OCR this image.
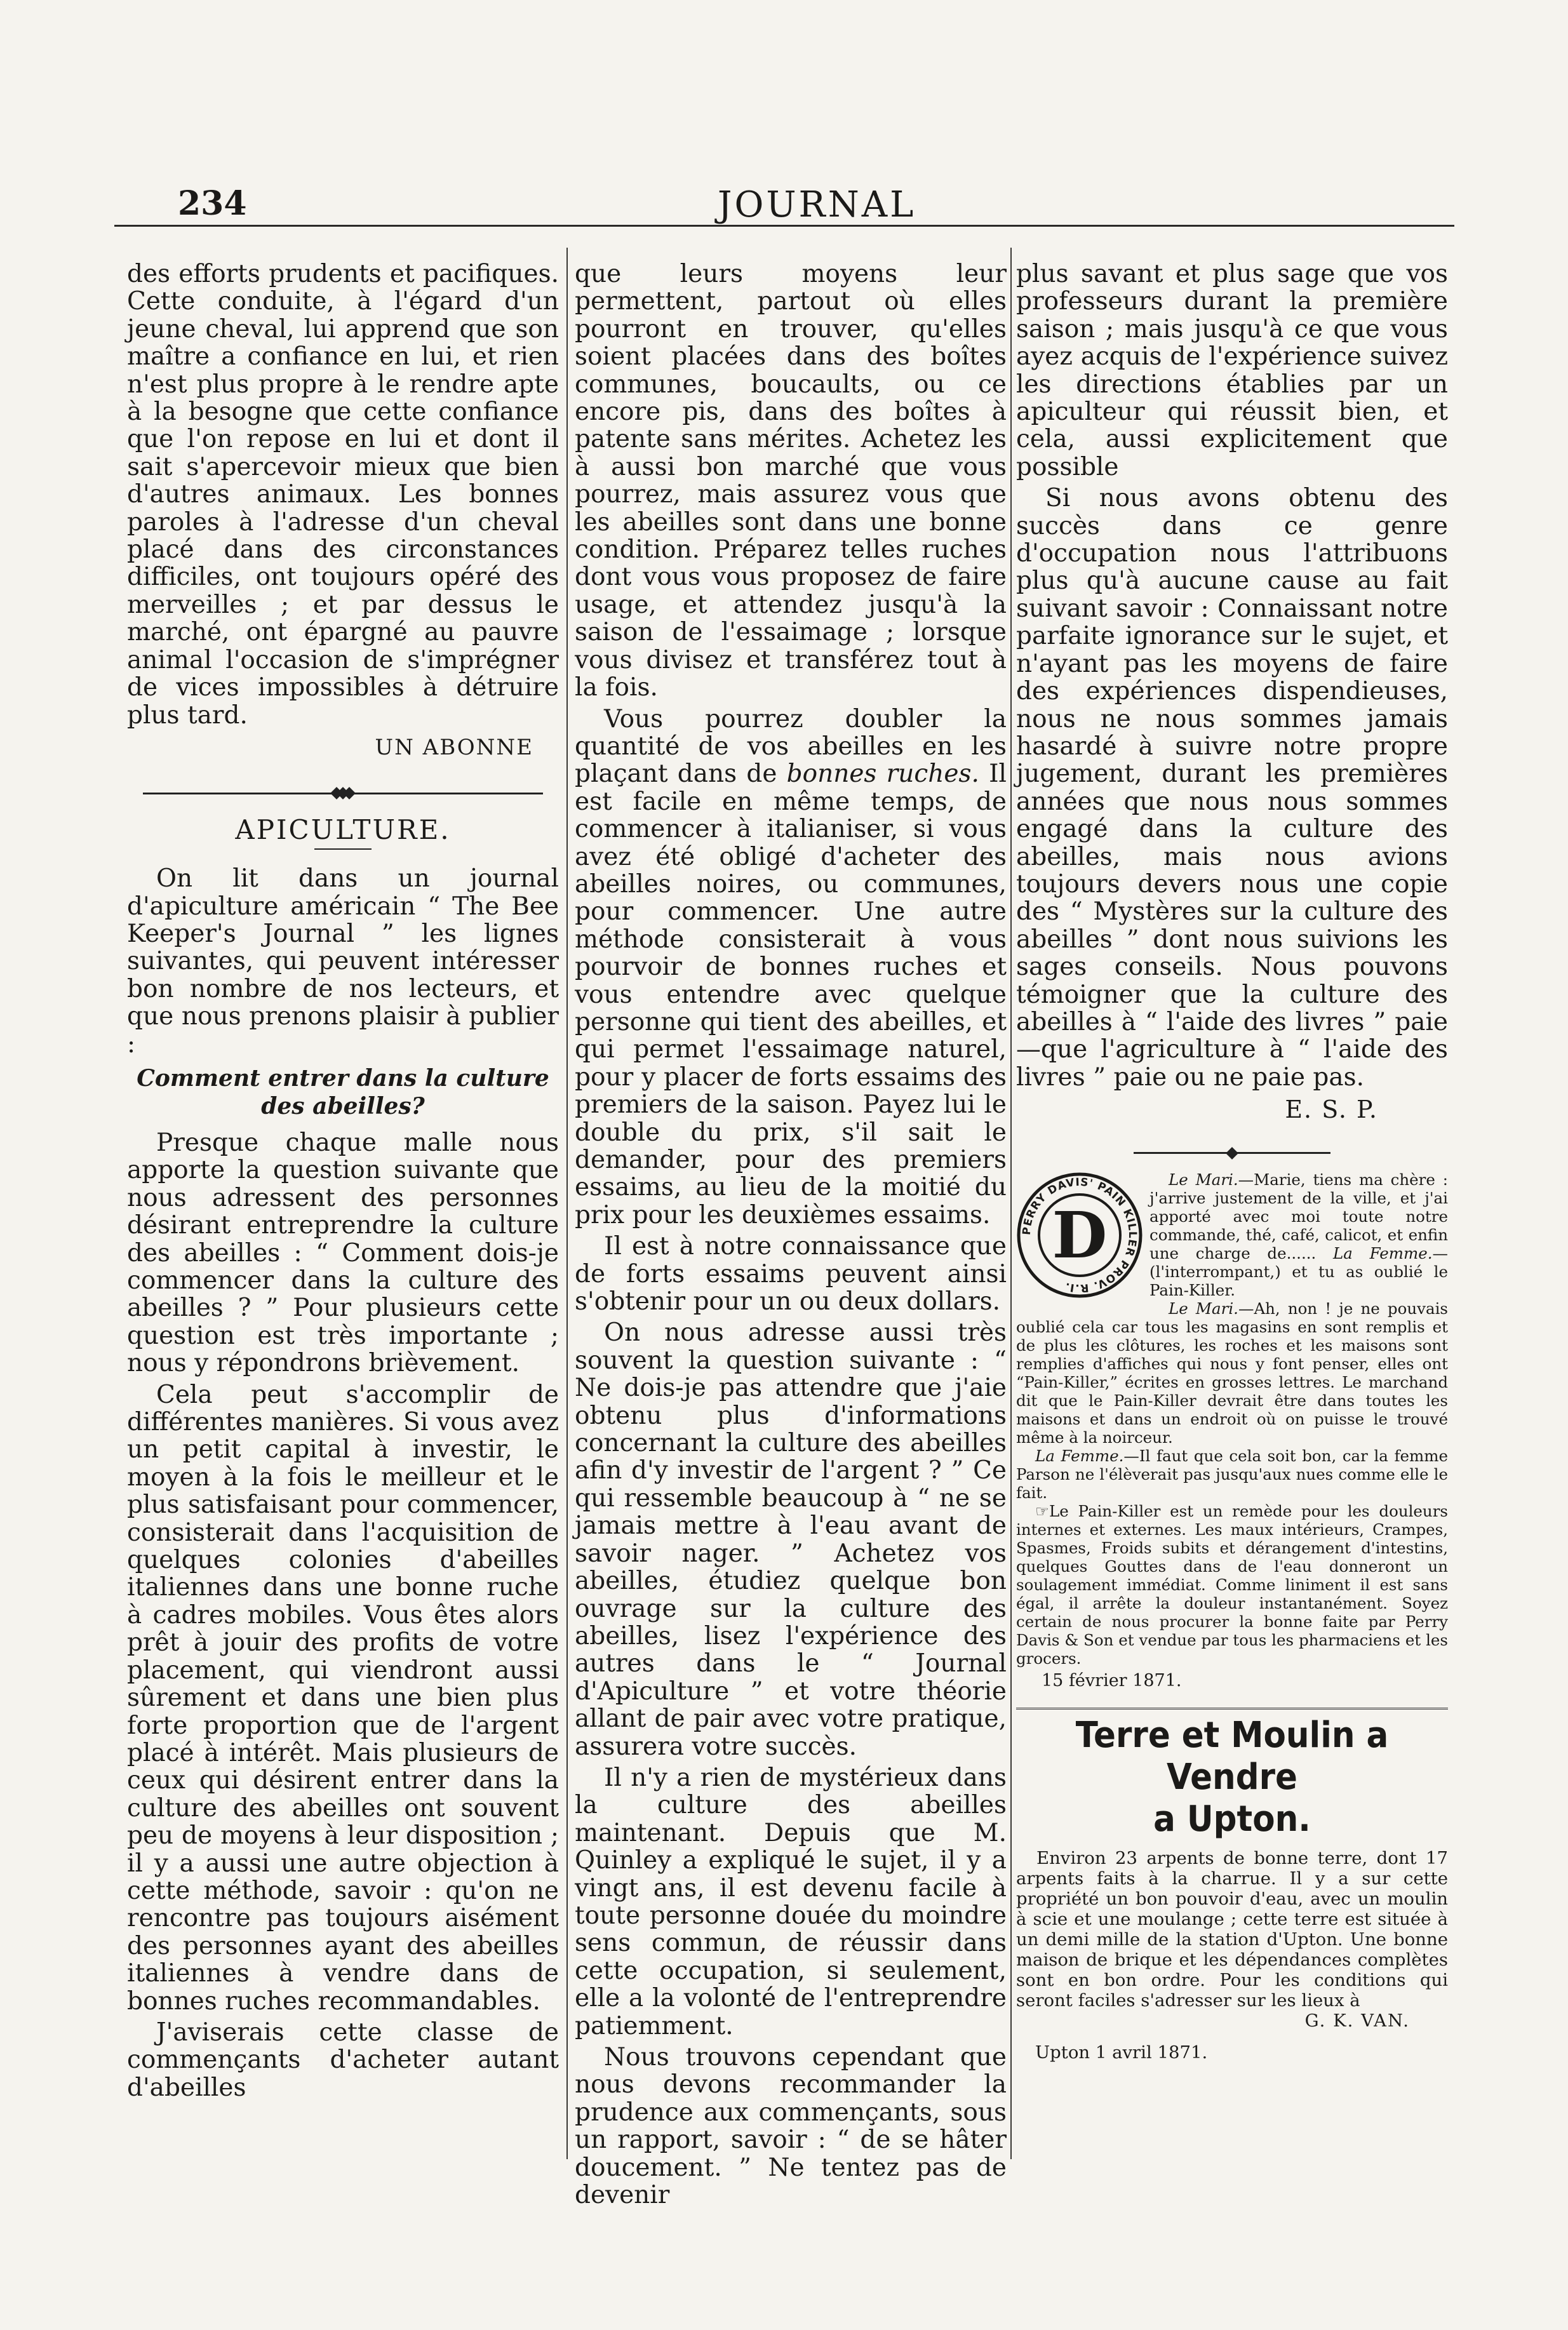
234	JOURNAL

des efforts prudents et pacifiques. Cette conduite, à l'égard d'un jeune cheval, lui apprend que son maître a confiance en lui, et rien n'est plus propre à le rendre apte à la besogne que cette confiance que l'on repose en lui et dont il sait s'apercevoir mieux que bien d'autres animaux. Les bonnes paroles à l'adresse d'un cheval placé dans des circonstances difficiles, ont toujours opéré des merveilles ; et par dessus le marché, ont épargné au pauvre animal l'occasion de s'imprégner de vices impossibles à détruire plus tard.

UN ABONNE
APICULTURE.

On lit dans un journal d'apiculture américain “ The Bee Keeper's Journal ” les lignes suivantes, qui peuvent intéresser bon nombre de nos lecteurs, et que nous prenons plaisir à publier :

Comment entrer dans la culture des abeilles?

Presque chaque malle nous apporte la question suivante que nous adressent des personnes désirant entreprendre la culture des abeilles : “ Comment dois-je commencer dans la culture des abeilles ? ” Pour plusieurs cette question est très importante ; nous y répondrons brièvement.

Cela peut s'accomplir de différentes manières. Si vous avez un petit capital à investir, le moyen à la fois le meilleur et le plus satisfaisant pour commencer, consisterait dans l'acquisition de quelques colonies d'abeilles italiennes dans une bonne ruche à cadres mobiles. Vous êtes alors prêt à jouir des profits de votre placement, qui viendront aussi sûrement et dans une bien plus forte proportion que de l'argent placé à intérêt. Mais plusieurs de ceux qui désirent entrer dans la culture des abeilles ont souvent peu de moyens à leur disposition ; il y a aussi une autre objection à cette méthode, savoir : qu'on ne rencontre pas toujours aisément des personnes ayant des abeilles italiennes à vendre dans de bonnes ruches recommandables.

J'aviserais cette classe de commençants d'acheter autant d'abeilles

que leurs moyens leur permettent, partout où elles pourront en trouver, qu'elles soient placées dans des boîtes communes, boucaults, ou ce encore pis, dans des boîtes à patente sans mérites. Achetez les à aussi bon marché que vous pourrez, mais assurez vous que les abeilles sont dans une bonne condition. Préparez telles ruches dont vous vous proposez de faire usage, et attendez jusqu'à la saison de l'essaimage ; lorsque vous divisez et transférez tout à la fois.

Vous pourrez doubler la quantité de vos abeilles en les plaçant dans de bonnes ruches. Il est facile en même temps, de commencer à italianiser, si vous avez été obligé d'acheter des abeilles noires, ou communes, pour commencer. Une autre méthode consisterait à vous pourvoir de bonnes ruches et vous entendre avec quelque personne qui tient des abeilles, et qui permet l'essaimage naturel, pour y placer de forts essaims des premiers de la saison. Payez lui le double du prix, s'il sait le demander, pour des premiers essaims, au lieu de la moitié du prix pour les deuxièmes essaims.

Il est à notre connaissance que de forts essaims peuvent ainsi s'obtenir pour un ou deux dollars.

On nous adresse aussi très souvent la question suivante : “ Ne dois-je pas attendre que j'aie obtenu plus d'informations concernant la culture des abeilles afin d'y investir de l'argent ? ” Ce qui ressemble beaucoup à “ ne se jamais mettre à l'eau avant de savoir nager. ” Achetez vos abeilles, étudiez quelque bon ouvrage sur la culture des abeilles, lisez l'expérience des autres dans le “ Journal d'Apiculture ” et votre théorie allant de pair avec votre pratique, assurera votre succès.

Il n'y a rien de mystérieux dans la culture des abeilles maintenant. Depuis que M. Quinley a expliqué le sujet, il y a vingt ans, il est devenu facile à toute personne douée du moindre sens commun, de réussir dans cette occupation, si seulement, elle a la volonté de l'entreprendre patiemment.

Nous trouvons cependant que nous devons recommander la prudence aux commençants, sous un rapport, savoir : “ de se hâter doucement. ” Ne tentez pas de devenir

plus savant et plus sage que vos professeurs durant la première saison ; mais jusqu'à ce que vous ayez acquis de l'expérience suivez les directions établies par un apiculteur qui réussit bien, et cela, aussi explicitement que possible

Si nous avons obtenu des succès dans ce genre d'occupation nous l'attribuons plus qu'à aucune cause au fait suivant savoir : Connaissant notre parfaite ignorance sur le sujet, et n'ayant pas les moyens de faire des expériences dispendieuses, nous ne nous sommes jamais hasardé à suivre notre propre jugement, durant les premières années que nous nous sommes engagé dans la culture des abeilles, mais nous avions toujours devers nous une copie des “ Mystères sur la culture des abeilles ” dont nous suivions les sages conseils. Nous pouvons témoigner que la culture des abeilles à “ l'aide des livres ” paie—que l'agriculture à “ l'aide des livres ” paie ou ne paie pas.

E. S. P.
PERRY DAVIS' PAIN KILLER PROV. R.I.
D

Le Mari.—Marie, tiens ma chère : j'arrive justement de la ville, et j'ai apporté avec moi toute notre commande, thé, café, calicot, et enfin une charge de...... La Femme.—(l'interrompant,) et tu as oublié le Pain-Killer.

Le Mari.—Ah, non ! je ne pouvais oublié cela car tous les magasins en sont remplis et de plus les clôtures, les roches et les maisons sont remplies d'affiches qui nous y font penser, elles ont “Pain-Killer,” écrites en grosses lettres. Le marchand dit que le Pain-Killer devrait être dans toutes les maisons et dans un endroit où on puisse le trouvé même à la noirceur.

La Femme.—Il faut que cela soit bon, car la femme Parson ne l'élèverait pas jusqu'aux nues comme elle le fait.

☞Le Pain-Killer est un remède pour les douleurs internes et externes. Les maux intérieurs, Crampes, Spasmes, Froids subits et dérangement d'intestins, quelques Gouttes dans de l'eau donneront un soulagement immédiat. Comme liniment il est sans égal, il arrête la douleur instantanément. Soyez certain de nous procurer la bonne faite par Perry Davis & Son et vendue par tous les pharmaciens et les grocers.

15 février 1871.
Terre et Moulin a Vendre
a Upton.

Environ 23 arpents de bonne terre, dont 17 arpents faits à la charrue. Il y a sur cette propriété un bon pouvoir d'eau, avec un moulin à scie et une moulange ; cette terre est située à un demi mille de la station d'Upton. Une bonne maison de brique et les dépendances complètes sont en bon ordre. Pour les conditions qui seront faciles s'adresser sur les lieux à

G. K. VAN.

Upton 1 avril 1871.
